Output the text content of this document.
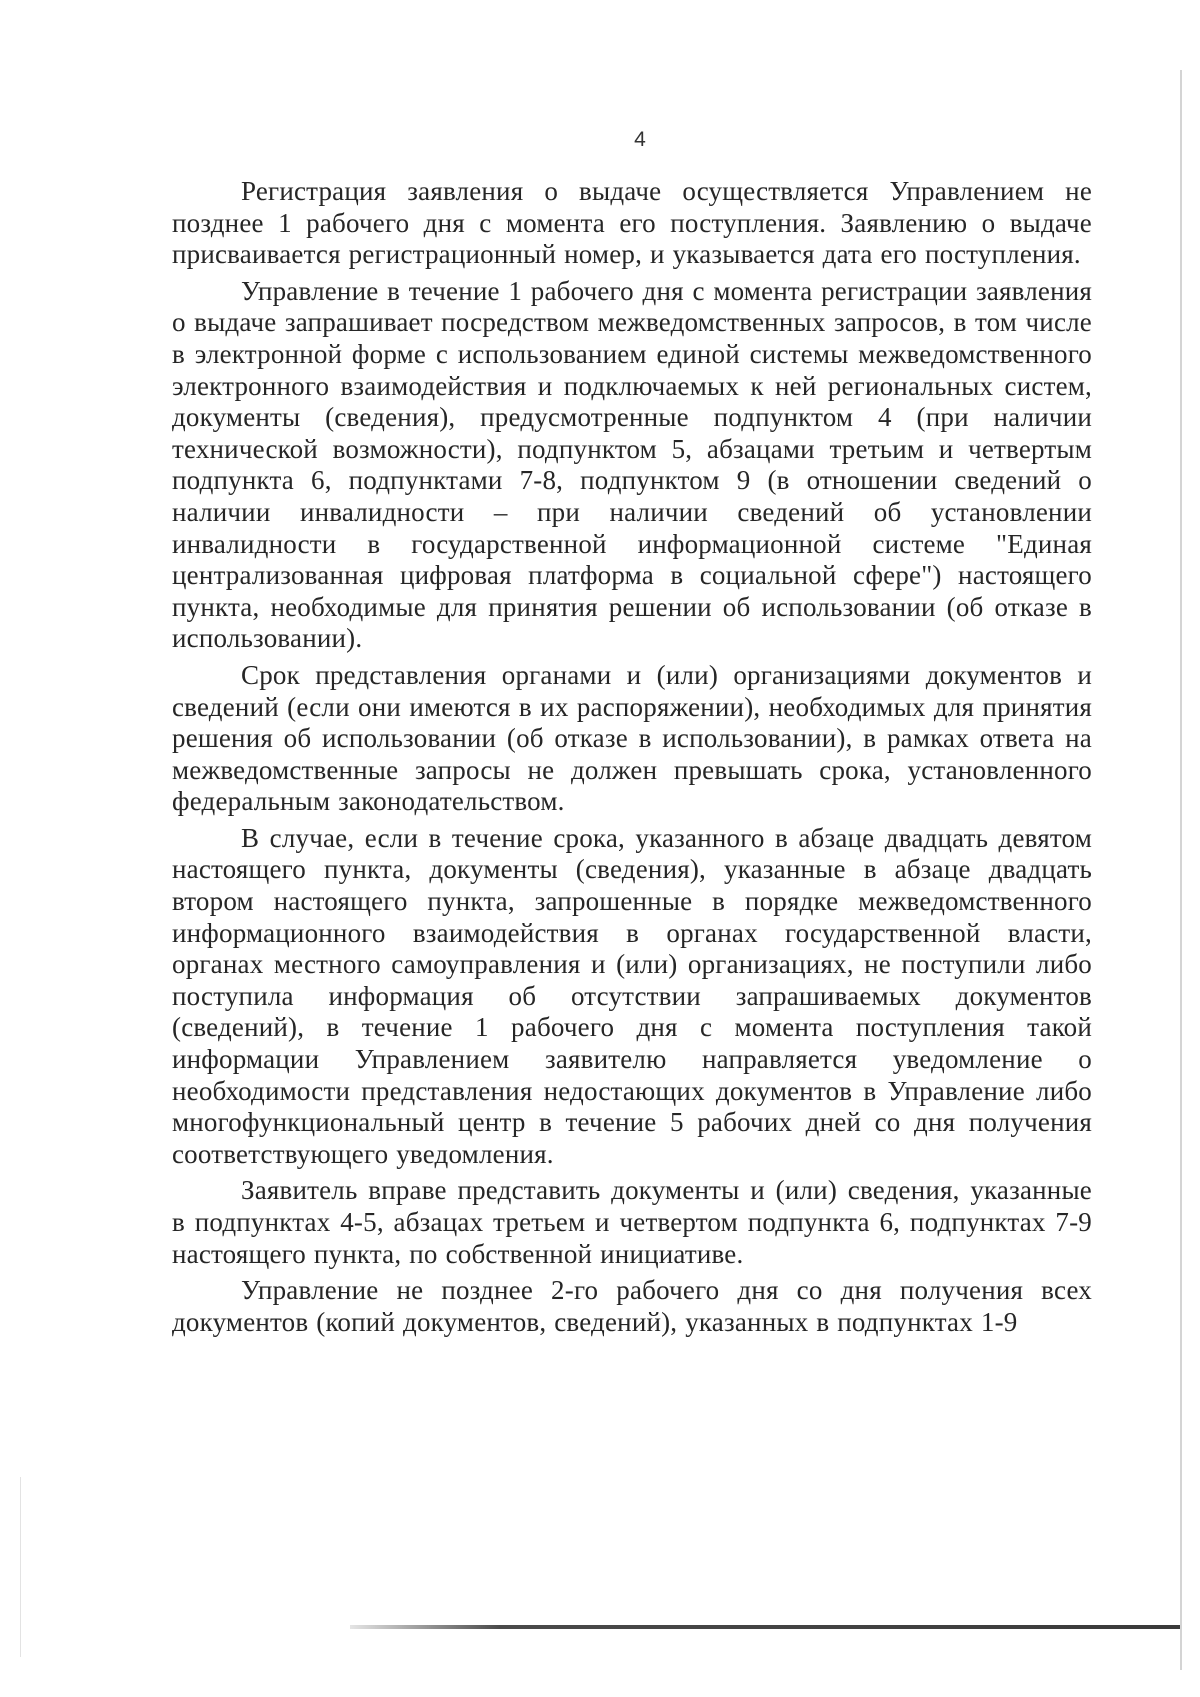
4

Регистрация заявления о выдаче осуществляется Управлением не позднее 1 рабочего дня с момента его поступления. Заявлению о выдаче присваивается регистрационный номер, и указывается дата его поступления.

Управление в течение 1 рабочего дня с момента регистрации заявления о выдаче запрашивает посредством межведомственных запросов, в том числе в электронной форме с использованием единой системы межведомственного электронного взаимодействия и подключаемых к ней региональных систем, документы (сведения), предусмотренные подпунктом 4 (при наличии технической возможности), подпунктом 5, абзацами третьим и четвертым подпункта 6, подпунктами 7-8, подпунктом 9 (в отношении сведений о наличии инвалидности – при наличии сведений об установлении инвалидности в государственной информационной системе "Единая централизованная цифровая платформа в социальной сфере") настоящего пункта, необходимые для принятия решении об использовании (об отказе в использовании).

Срок представления органами и (или) организациями документов и сведений (если они имеются в их распоряжении), необходимых для принятия решения об использовании (об отказе в использовании), в рамках ответа на межведомственные запросы не должен превышать срока, установленного федеральным законодательством.

В случае, если в течение срока, указанного в абзаце двадцать девятом настоящего пункта, документы (сведения), указанные в абзаце двадцать втором настоящего пункта, запрошенные в порядке межведомственного информационного взаимодействия в органах государственной власти, органах местного самоуправления и (или) организациях, не поступили либо поступила информация об отсутствии запрашиваемых документов (сведений), в течение 1 рабочего дня с момента поступления такой информации Управлением заявителю направляется уведомление о необходимости представления недостающих документов в Управление либо многофункциональный центр в течение 5 рабочих дней со дня получения соответствующего уведомления.

Заявитель вправе представить документы и (или) сведения, указанные в подпунктах 4-5, абзацах третьем и четвертом подпункта 6, подпунктах 7-9 настоящего пункта, по собственной инициативе.

Управление не позднее 2-го рабочего дня со дня получения всех документов (копий документов, сведений), указанных в подпунктах 1-9
